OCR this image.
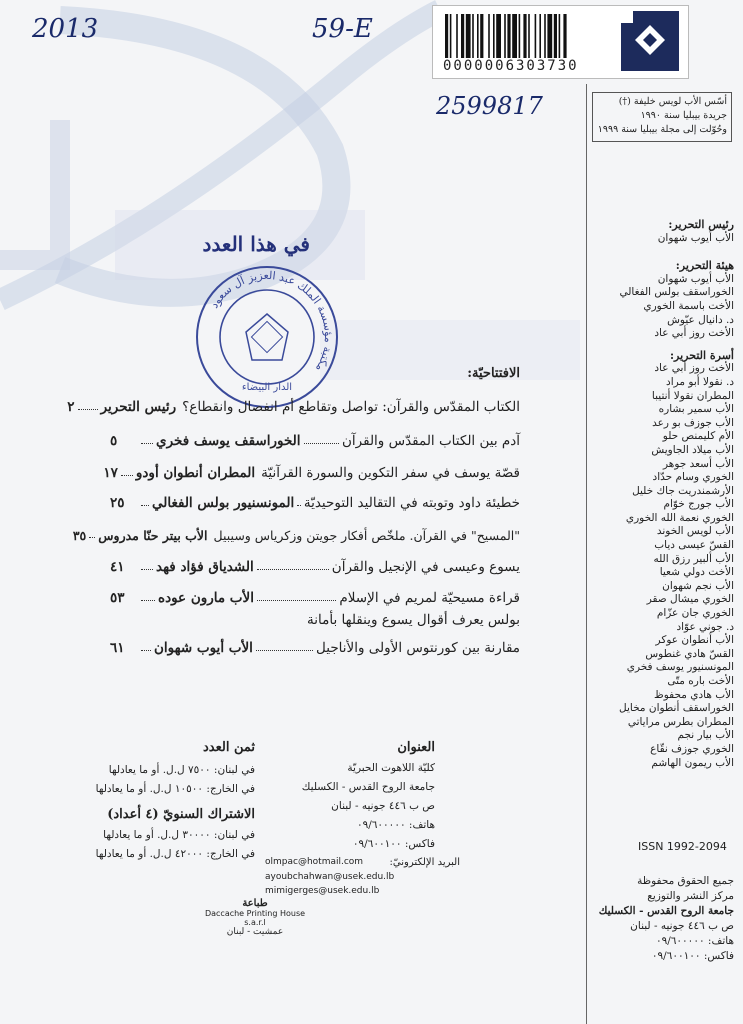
2013	59-E
2599817
0000006303730
أسّس الأب لويس خليفة (†)
جريدة بيبليا سنة ١٩٩٠
وحُوّلت إلى مجلة بيبليا سنة ١٩٩٩
في هذا العدد
مكتبة مؤسسة الملك عبد العزيز آل سعود
الدار البيضاء
الافتتاحيّة:
الكتاب المقدّس والقرآن: تواصل وتقاطع أم انفصال وانقطاع؟
رئيس التحرير
٢
آدم بين الكتاب المقدّس والقرآن
الخوراسقف يوسف فخري
٥
قصّة يوسف في سفر التكوين والسورة القرآنيّة
المطران أنطوان أودو
١٧
خطيئة داود وتوبته في التقاليد التوحيديّة
المونسنيور بولس الفغالي
٢٥
"المسيح" في القرآن. ملخّص أفكار جويتن وزكرياس وسيبيل
الأب بيتر حنّا مدروس
٣٥
يسوع وعيسى في الإنجيل والقرآن
الشدياق فؤاد فهد
٤١
قراءة مسيحيّة لمريم في الإسلام
الأب مارون عوده
٥٣
بولس يعرف أقوال يسوع وينقلها بأمانة
مقارنة بين كورنتوس الأولى والأناجيل
الأب أيوب شهوان
٦١
العنوان
كليّة اللاهوت الحبريّة
جامعة الروح القدس - الكسليك
ص ب ٤٤٦ جونيه - لبنان
هاتف: ٠٩/٦٠٠٠٠٠
فاكس: ٠٩/٦٠٠١٠٠
البريد الإلكترونيّ:
olmpac@hotmail.com
ayoubchahwan@usek.edu.lb
mimigerges@usek.edu.lb
ثمن العدد
في لبنان: ٧٥٠٠ ل.ل. أو ما يعادلها
في الخارج: ١٠٥٠٠ ل.ل. أو ما يعادلها
الاشتراك السنويّ (٤ أعداد)
في لبنان: ٣٠٠٠٠ ل.ل. أو ما يعادلها
في الخارج: ٤٢٠٠٠ ل.ل. أو ما يعادلها
طباعة
Daccache Printing House s.a.r.l
عمشيت - لبنان
رئيس التحرير:
الأب أيوب شهوان
هيئة التحرير:
الأب أيوب شهوان
الخوراسقف بولس الفغالي
الأخت باسمة الخوري
د. دانيال عيّوش
الأخت روز أبي عاد
أسرة التحرير:
الأخت روز أبي عاد
د. نقولا أبو مراد
المطران نقولا أنتيبا
الأب سمير بشاره
الأب جوزف بو رعد
الأم كليمنص حلو
الأب ميلاد الجاويش
الأب أسعد جوهر
الخوري وسام حدّاد
الأرشمندريت جاك خليل
الأب جورج خوّام
الخوري نعمة الله الخوري
الأب لويس الخوند
القسّ عيسى دياب
الأب ألبير رزق الله
الأخت دولي شعيا
الأب نجم شهوان
الخوري ميشال صقر
الخوري جان عزّام
د. جوني عوّاد
الأب أنطوان عوكر
القسّ هادي غنطوس
المونسنيور يوسف فخري
الأخت باره متّى
الأب هادي محفوظ
الخوراسقف أنطوان مخايل
المطران بطرس مراياتي
الأب بيار نجم
الخوري جوزف نقّاع
الأب ريمون الهاشم
ISSN 1992-2094
جميع الحقوق محفوظة
مركز النشر والتوزيع
جامعة الروح القدس - الكسليك
ص ب ٤٤٦ جونيه - لبنان
هاتف: ٠٩/٦٠٠٠٠٠
فاكس: ٠٩/٦٠٠١٠٠
